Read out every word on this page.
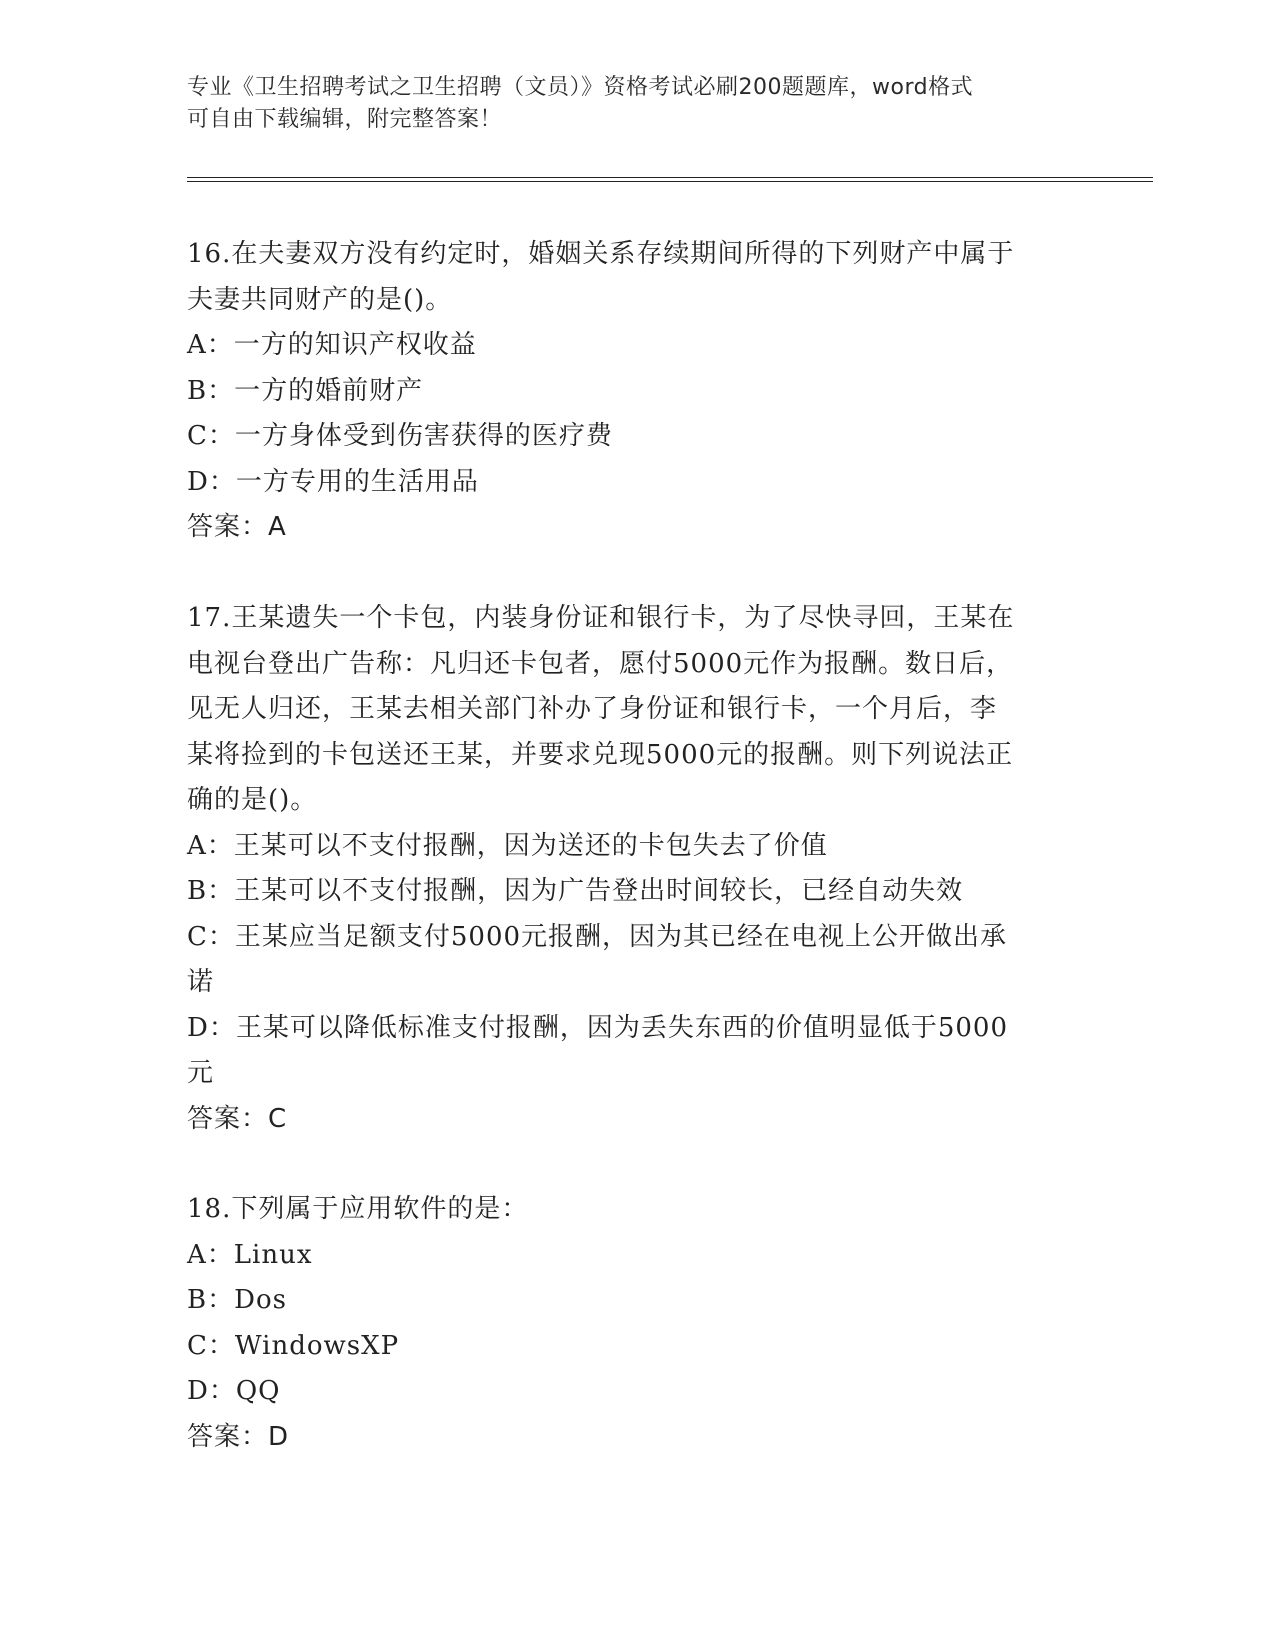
专业《卫生招聘考试之卫生招聘（文员）》资格考试必刷200题题库，word格式
可自由下载编辑，附完整答案！
16.在夫妻双方没有约定时，婚姻关系存续期间所得的下列财产中属于
夫妻共同财产的是()。
A：一方的知识产权收益
B：一方的婚前财产
C：一方身体受到伤害获得的医疗费
D：一方专用的生活用品
答案：A
17.王某遗失一个卡包，内装身份证和银行卡，为了尽快寻回，王某在
电视台登出广告称：凡归还卡包者，愿付5000元作为报酬。数日后，
见无人归还，王某去相关部门补办了身份证和银行卡，一个月后，李
某将捡到的卡包送还王某，并要求兑现5000元的报酬。则下列说法正
确的是()。
A：王某可以不支付报酬，因为送还的卡包失去了价值
B：王某可以不支付报酬，因为广告登出时间较长，已经自动失效
C：王某应当足额支付5000元报酬，因为其已经在电视上公开做出承
诺
D：王某可以降低标准支付报酬，因为丢失东西的价值明显低于5000
元
答案：C
18.下列属于应用软件的是：
A：Linux
B：Dos
C：WindowsXP
D：QQ
答案：D
